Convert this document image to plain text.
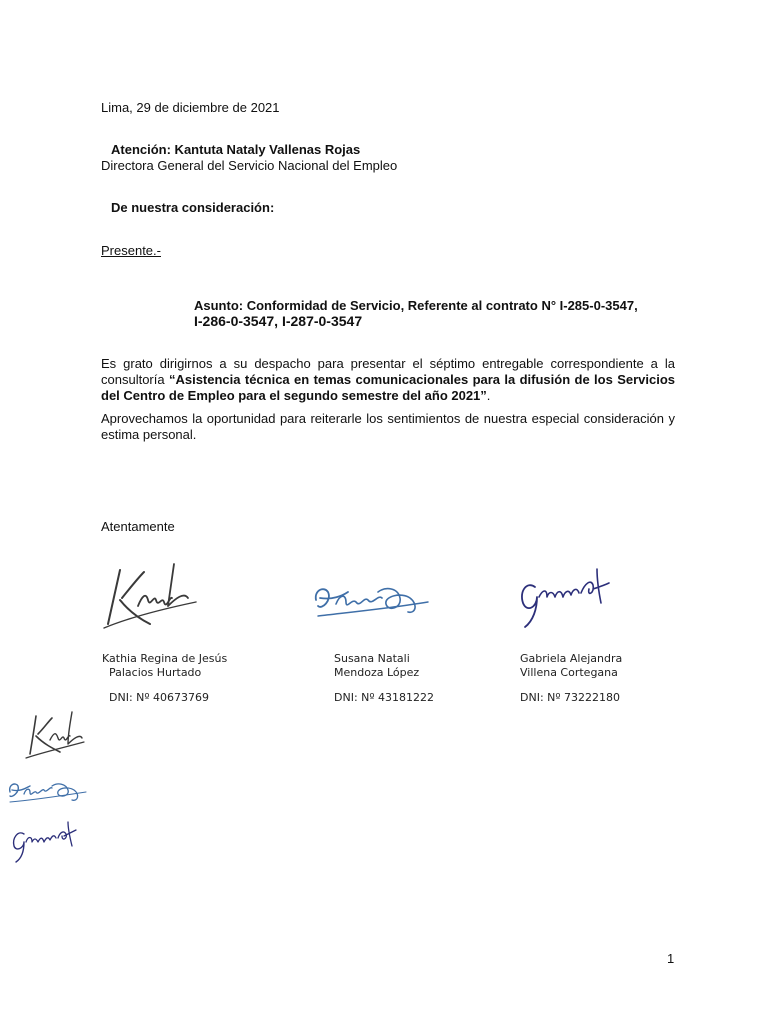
Lima, 29 de diciembre de 2021
Atención: Kantuta Nataly Vallenas Rojas
Directora General del Servicio Nacional del Empleo
De nuestra consideración:
Presente.-
Asunto: Conformidad de Servicio, Referente al contrato N° I-285-0-3547,
I-286-0-3547, I-287-0-3547
Es grato dirigirnos a su despacho para presentar el séptimo entregable correspondiente a la consultoría “Asistencia técnica en temas comunicacionales para la difusión de los Servicios del Centro de Empleo para el segundo semestre del año 2021”.
Aprovechamos la oportunidad para reiterarle los sentimientos de nuestra especial consideración y estima personal.
Atentamente
Kathia Regina de Jesús
Palacios Hurtado
DNI: Nº 40673769
Susana Natali
Mendoza López
DNI: Nº 43181222
Gabriela Alejandra
Villena Cortegana
DNI: Nº 73222180
1
